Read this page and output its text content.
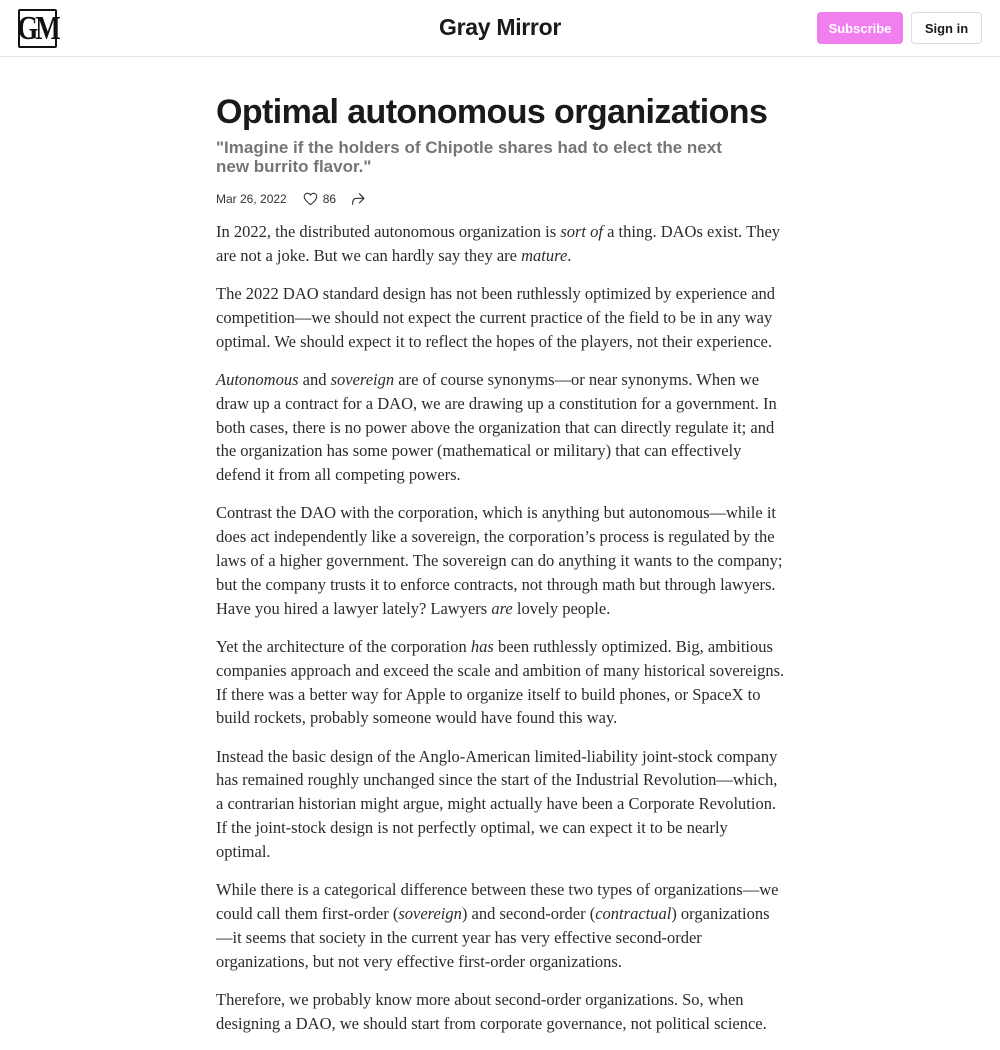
GM	Gray Mirror	Subscribe	Sign in
Optimal autonomous organizations
"Imagine if the holders of Chipotle shares had to elect the next new burrito flavor."
Mar 26, 2022	86

In 2022, the distributed autonomous organization is sort of a thing. DAOs exist. They are not a joke. But we can hardly say they are mature.

The 2022 DAO standard design has not been ruthlessly optimized by experience and competition—we should not expect the current practice of the field to be in any way optimal. We should expect it to reflect the hopes of the players, not their experience.

Autonomous and sovereign are of course synonyms—or near synonyms. When we draw up a contract for a DAO, we are drawing up a constitution for a government. In both cases, there is no power above the organization that can directly regulate it; and the organization has some power (mathematical or military) that can effectively defend it from all competing powers.

Contrast the DAO with the corporation, which is anything but autonomous—while it does act independently like a sovereign, the corporation’s process is regulated by the laws of a higher government. The sovereign can do anything it wants to the company; but the company trusts it to enforce contracts, not through math but through lawyers. Have you hired a lawyer lately? Lawyers are lovely people.

Yet the architecture of the corporation has been ruthlessly optimized. Big, ambitious companies approach and exceed the scale and ambition of many historical sovereigns. If there was a better way for Apple to organize itself to build phones, or SpaceX to build rockets, probably someone would have found this way.

Instead the basic design of the Anglo-American limited-liability joint-stock company has remained roughly unchanged since the start of the Industrial Revolution—which, a contrarian historian might argue, might actually have been a Corporate Revolution. If the joint-stock design is not perfectly optimal, we can expect it to be nearly optimal.

While there is a categorical difference between these two types of organizations—we could call them first-order (sovereign) and second-order (contractual) organizations—it seems that society in the current year has very effective second-order organizations, but not very effective first-order organizations.

Therefore, we probably know more about second-order organizations. So, when designing a DAO, we should start from corporate governance, not political science.
